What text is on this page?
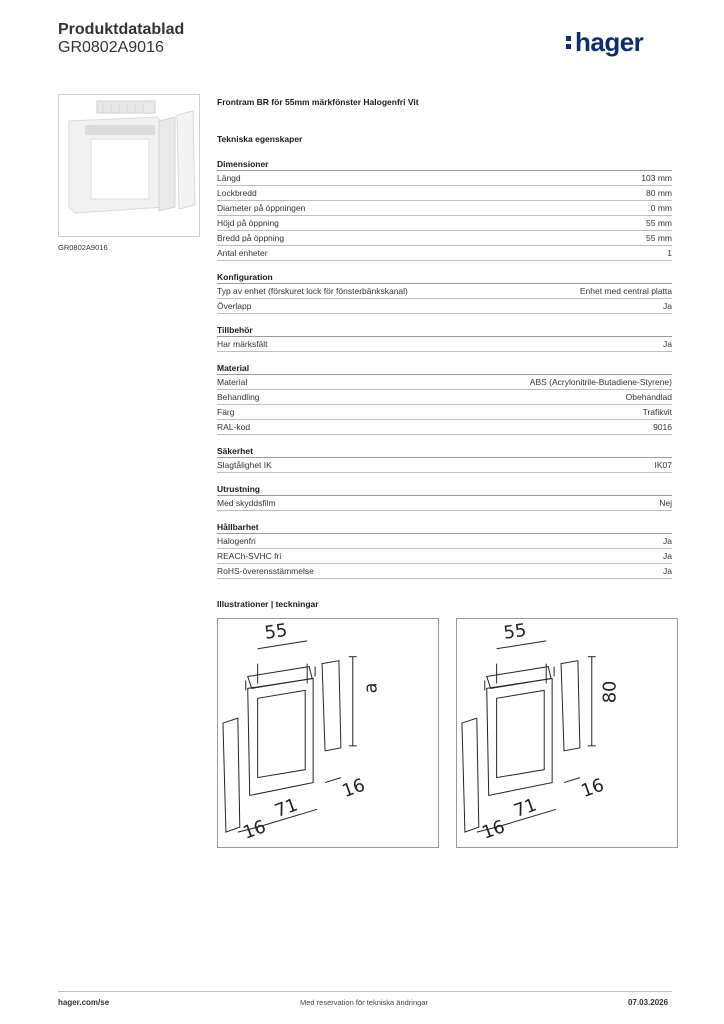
Produktdatablad
GR0802A9016	hager
GR0802A9016
Frontram BR för 55mm märkfönster Halogenfri Vit
Tekniska egenskaper
Dimensioner
Längd	103 mm
Lockbredd	80 mm
Diameter på öppningen	0 mm
Höjd på öppning	55 mm
Bredd på öppning	55 mm
Antal enheter	1
Konfiguration
Typ av enhet (förskuret lock för fönsterbänkskanal)	Enhet med central platta
Överlapp	Ja
Tillbehör
Har märksfält	Ja
Material
Material	ABS (Acrylonitrile-Butadiene-Styrene)
Behandling	Obehandlad
Färg	Trafikvit
RAL-kod	9016
Säkerhet
Slagtålighet IK	IK07
Utrustning
Med skyddsfilm	Nej
Hållbarhet
Halogenfri	Ja
REACh-SVHC fri	Ja
RoHS-överensstämmelse	Ja
Illustrationer | teckningar
55
a
16
71
16
55
80
16
71
16
hager.com/se	Med reservation för tekniska ändringar	07.03.2026
